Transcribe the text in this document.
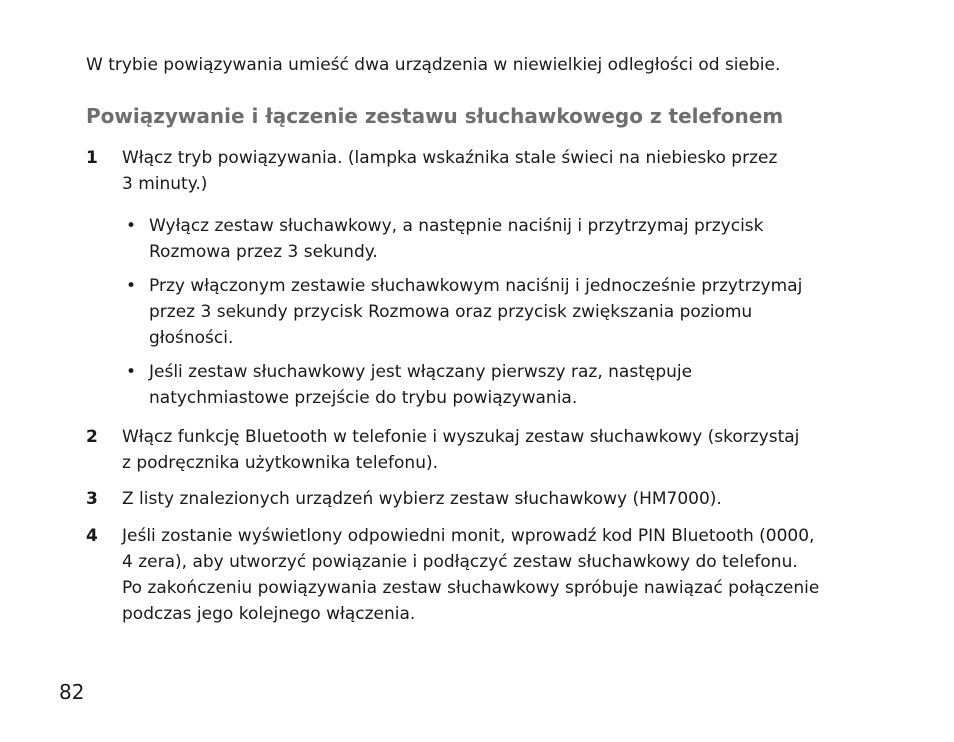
W trybie powiązywania umieść dwa urządzenia w niewielkiej odległości od siebie.
Powiązywanie i łączenie zestawu słuchawkowego z telefonem
1	Włącz tryb powiązywania. (lampka wskaźnika stale świeci na niebiesko przez
3 minuty.)
• Wyłącz zestaw słuchawkowy, a następnie naciśnij i przytrzymaj przycisk
Rozmowa przez 3 sekundy.
• Przy włączonym zestawie słuchawkowym naciśnij i jednocześnie przytrzymaj
przez 3 sekundy przycisk Rozmowa oraz przycisk zwiększania poziomu
głośności.
• Jeśli zestaw słuchawkowy jest włączany pierwszy raz, następuje
natychmiastowe przejście do trybu powiązywania.
2	Włącz funkcję Bluetooth w telefonie i wyszukaj zestaw słuchawkowy (skorzystaj
z podręcznika użytkownika telefonu).
3	Z listy znalezionych urządzeń wybierz zestaw słuchawkowy (HM7000).
4	Jeśli zostanie wyświetlony odpowiedni monit, wprowadź kod PIN Bluetooth (0000,
4 zera), aby utworzyć powiązanie i podłączyć zestaw słuchawkowy do telefonu.
Po zakończeniu powiązywania zestaw słuchawkowy spróbuje nawiązać połączenie
podczas jego kolejnego włączenia.
82
